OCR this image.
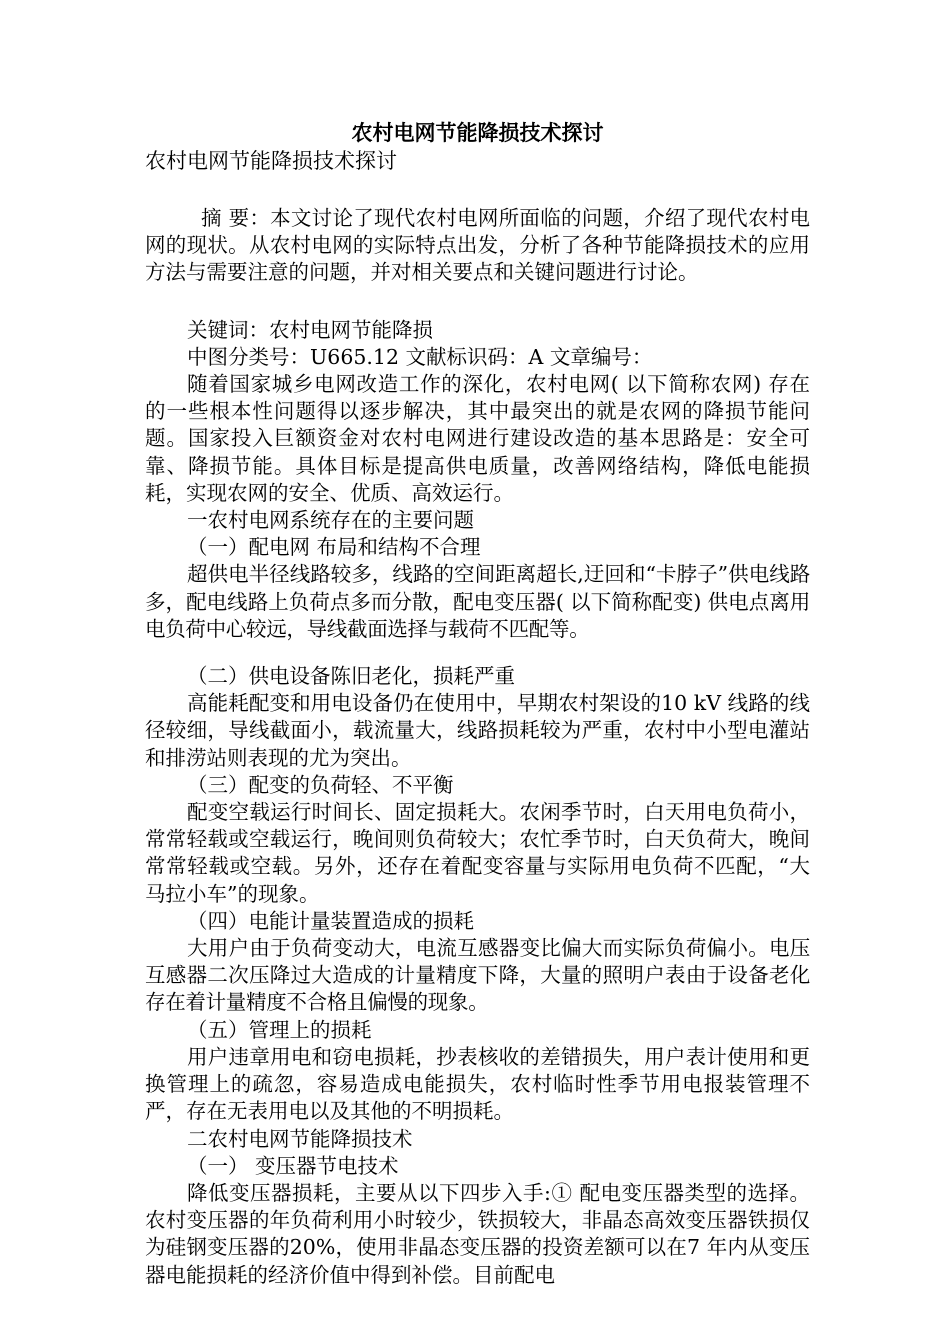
农村电网节能降损技术探讨

农村电网节能降损技术探讨

摘 要：本文讨论了现代农村电网所面临的问题，介绍了现代农村电网的现状。从农村电网的实际特点出发，分析了各种节能降损技术的应用方法与需要注意的问题，并对相关要点和关键问题进行讨论。

关键词：农村电网节能降损

中图分类号：U665.12 文献标识码：A 文章编号：

随着国家城乡电网改造工作的深化，农村电网( 以下简称农网) 存在的一些根本性问题得以逐步解决，其中最突出的就是农网的降损节能问题。国家投入巨额资金对农村电网进行建设改造的基本思路是：安全可靠、降损节能。具体目标是提高供电质量，改善网络结构，降低电能损耗，实现农网的安全、优质、高效运行。

一农村电网系统存在的主要问题

（一）配电网 布局和结构不合理

超供电半径线路较多，线路的空间距离超长,迂回和“卡脖子”供电线路多，配电线路上负荷点多而分散，配电变压器( 以下简称配变) 供电点离用电负荷中心较远，导线截面选择与载荷不匹配等。

（二）供电设备陈旧老化，损耗严重

高能耗配变和用电设备仍在使用中，早期农村架设的10 kV 线路的线径较细，导线截面小，载流量大，线路损耗较为严重，农村中小型电灌站和排涝站则表现的尤为突出。

（三）配变的负荷轻、不平衡

配变空载运行时间长、固定损耗大。农闲季节时，白天用电负荷小，常常轻载或空载运行，晚间则负荷较大；农忙季节时，白天负荷大，晚间常常轻载或空载。另外，还存在着配变容量与实际用电负荷不匹配，“大马拉小车”的现象。

（四）电能计量装置造成的损耗

大用户由于负荷变动大，电流互感器变比偏大而实际负荷偏小。电压互感器二次压降过大造成的计量精度下降，大量的照明户表由于设备老化存在着计量精度不合格且偏慢的现象。

（五）管理上的损耗

用户违章用电和窃电损耗，抄表核收的差错损失，用户表计使用和更换管理上的疏忽，容易造成电能损失，农村临时性季节用电报装管理不严，存在无表用电以及其他的不明损耗。

二农村电网节能降损技术

（一） 变压器节电技术

降低变压器损耗，主要从以下四步入手:① 配电变压器类型的选择。农村变压器的年负荷利用小时较少，铁损较大，非晶态高效变压器铁损仅为硅钢变压器的20%，使用非晶态变压器的投资差额可以在7 年内从变压器电能损耗的经济价值中得到补偿。目前配电
